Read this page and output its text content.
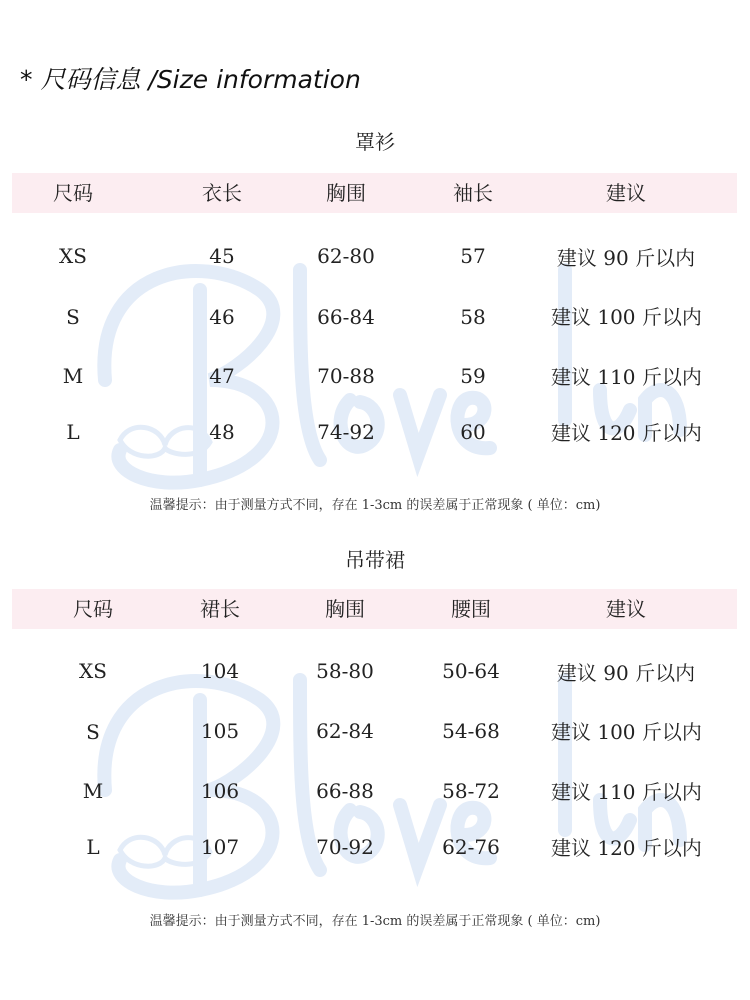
* 尺码信息 /Size information
罩衫
尺码	衣长	胸围	袖长	建议
XS	45	62-80	57	建议 90 斤以内
S	46	66-84	58	建议 100 斤以内
M	47	70-88	59	建议 110 斤以内
L	48	74-92	60	建议 120 斤以内
温馨提示：由于测量方式不同，存在 1-3cm 的误差属于正常现象 ( 单位：cm)
吊带裙
尺码	裙长	胸围	腰围	建议
XS	104	58-80	50-64	建议 90 斤以内
S	105	62-84	54-68	建议 100 斤以内
M	106	66-88	58-72	建议 110 斤以内
L	107	70-92	62-76	建议 120 斤以内
温馨提示：由于测量方式不同，存在 1-3cm 的误差属于正常现象 ( 单位：cm)
